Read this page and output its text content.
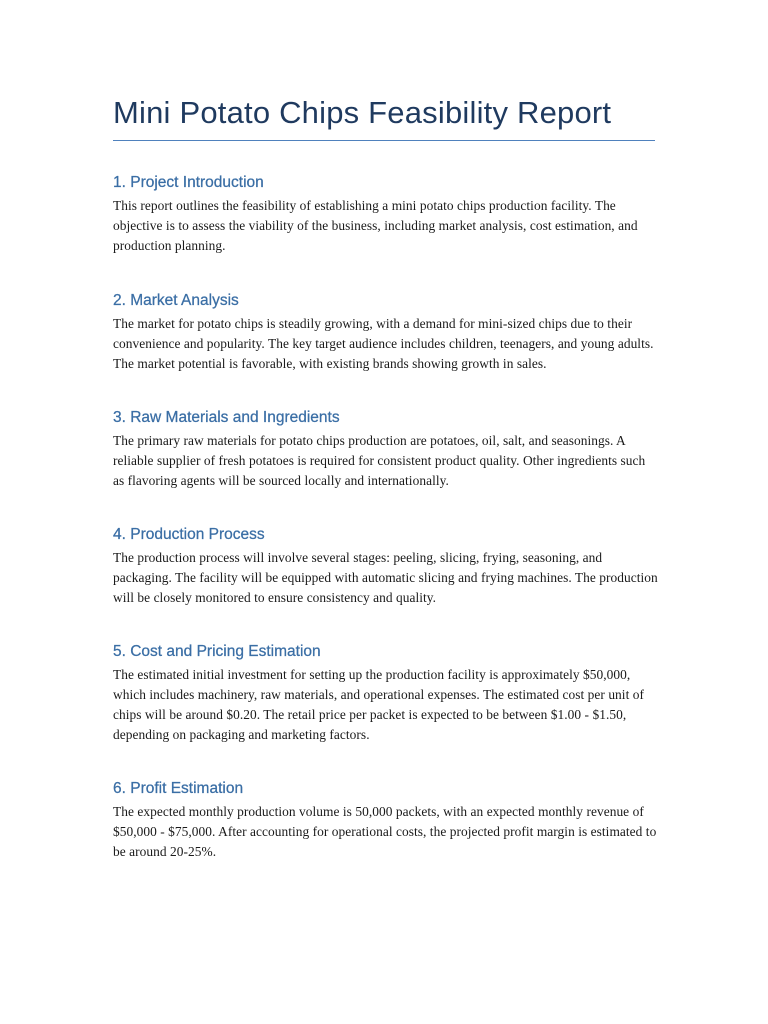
Mini Potato Chips Feasibility Report
1. Project Introduction

This report outlines the feasibility of establishing a mini potato chips production facility. The objective is to assess the viability of the business, including market analysis, cost estimation, and production planning.

2. Market Analysis

The market for potato chips is steadily growing, with a demand for mini-sized chips due to their convenience and popularity. The key target audience includes children, teenagers, and young adults. The market potential is favorable, with existing brands showing growth in sales.

3. Raw Materials and Ingredients

The primary raw materials for potato chips production are potatoes, oil, salt, and seasonings. A reliable supplier of fresh potatoes is required for consistent product quality. Other ingredients such as flavoring agents will be sourced locally and internationally.

4. Production Process

The production process will involve several stages: peeling, slicing, frying, seasoning, and packaging. The facility will be equipped with automatic slicing and frying machines. The production will be closely monitored to ensure consistency and quality.

5. Cost and Pricing Estimation

The estimated initial investment for setting up the production facility is approximately $50,000, which includes machinery, raw materials, and operational expenses. The estimated cost per unit of chips will be around $0.20. The retail price per packet is expected to be between $1.00 - $1.50, depending on packaging and marketing factors.

6. Profit Estimation

The expected monthly production volume is 50,000 packets, with an expected monthly revenue of $50,000 - $75,000. After accounting for operational costs, the projected profit margin is estimated to be around 20-25%.
